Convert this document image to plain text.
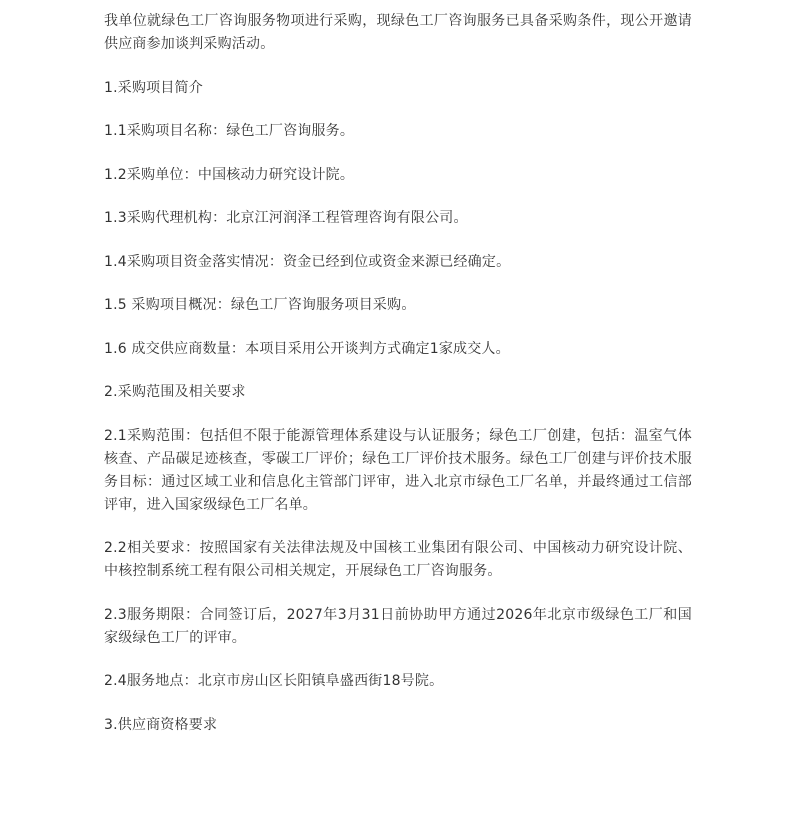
我单位就绿色工厂咨询服务物项进行采购，现绿色工厂咨询服务已具备采购条件，现公开邀请供应商参加谈判采购活动。

1.采购项目简介

1.1采购项目名称：绿色工厂咨询服务。

1.2采购单位：中国核动力研究设计院。

1.3采购代理机构：北京江河润泽工程管理咨询有限公司。

1.4采购项目资金落实情况：资金已经到位或资金来源已经确定。

1.5 采购项目概况：绿色工厂咨询服务项目采购。

1.6 成交供应商数量：本项目采用公开谈判方式确定1家成交人。

2.采购范围及相关要求

2.1采购范围：包括但不限于能源管理体系建设与认证服务；绿色工厂创建，包括：温室气体核查、产品碳足迹核查，零碳工厂评价；绿色工厂评价技术服务。绿色工厂创建与评价技术服务目标：通过区域工业和信息化主管部门评审，进入北京市绿色工厂名单，并最终通过工信部评审，进入国家级绿色工厂名单。

2.2相关要求：按照国家有关法律法规及中国核工业集团有限公司、中国核动力研究设计院、中核控制系统工程有限公司相关规定，开展绿色工厂咨询服务。

2.3服务期限：合同签订后，2027年3月31日前协助甲方通过2026年北京市级绿色工厂和国家级绿色工厂的评审。

2.4服务地点：北京市房山区长阳镇阜盛西街18号院。

3.供应商资格要求
